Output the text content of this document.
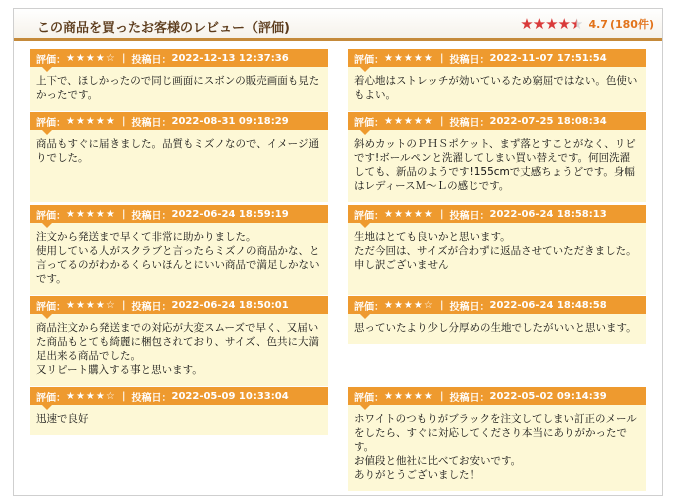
この商品を買ったお客様のレビュー（評価)	★★★★★ 4.7 (180件)
評価： ★★★★☆ | 投稿日： 2022-12-13 12:37:36
上下で、ほしかったので同じ画面にスボンの販売画面も見たかったです。
評価： ★★★★★ | 投稿日： 2022-11-07 17:51:54
着心地はストレッチが効いているため窮屈ではない。色使いもよい。
評価： ★★★★★ | 投稿日： 2022-08-31 09:18:29
商品もすぐに届きました。品質もミズノなので、イメージ通りでした。
評価： ★★★★★ | 投稿日： 2022-07-25 18:08:34
斜めカットのＰＨＳポケット、まず落とすことがなく、リピです!ボールペンと洗濯してしまい買い替えです。何回洗濯しても、新品のようです!155cmで丈感ちょうどです。身幅はレディースＭ～Ｌの感じです。
評価： ★★★★★ | 投稿日： 2022-06-24 18:59:19
注文から発送まで早くて非常に助かりました。
使用している人がスクラブと言ったらミズノの商品かな、と言ってるのがわかるくらいほんとにいい商品で満足しかないです。
評価： ★★★★★ | 投稿日： 2022-06-24 18:58:13
生地はとても良いかと思います。
ただ今回は、サイズが合わずに返品させていただきました。
申し訳ございません
評価： ★★★★☆ | 投稿日： 2022-06-24 18:50:01
商品注文から発送までの対応が大変スムーズで早く、又届いた商品もとても綺麗に梱包されており、サイズ、色共に大満足出来る商品でした。
又リピート購入する事と思います。
評価： ★★★★☆ | 投稿日： 2022-06-24 18:48:58
思っていたより少し分厚めの生地でしたがいいと思います。
評価： ★★★★☆ | 投稿日： 2022-05-09 10:33:04
迅速で良好
評価： ★★★★★ | 投稿日： 2022-05-02 09:14:39
ホワイトのつもりがブラックを注文してしまい訂正のメールをしたら、すぐに対応してくださり本当にありがかったです。
お値段と他社に比べてお安いです。
ありがとうございました！
